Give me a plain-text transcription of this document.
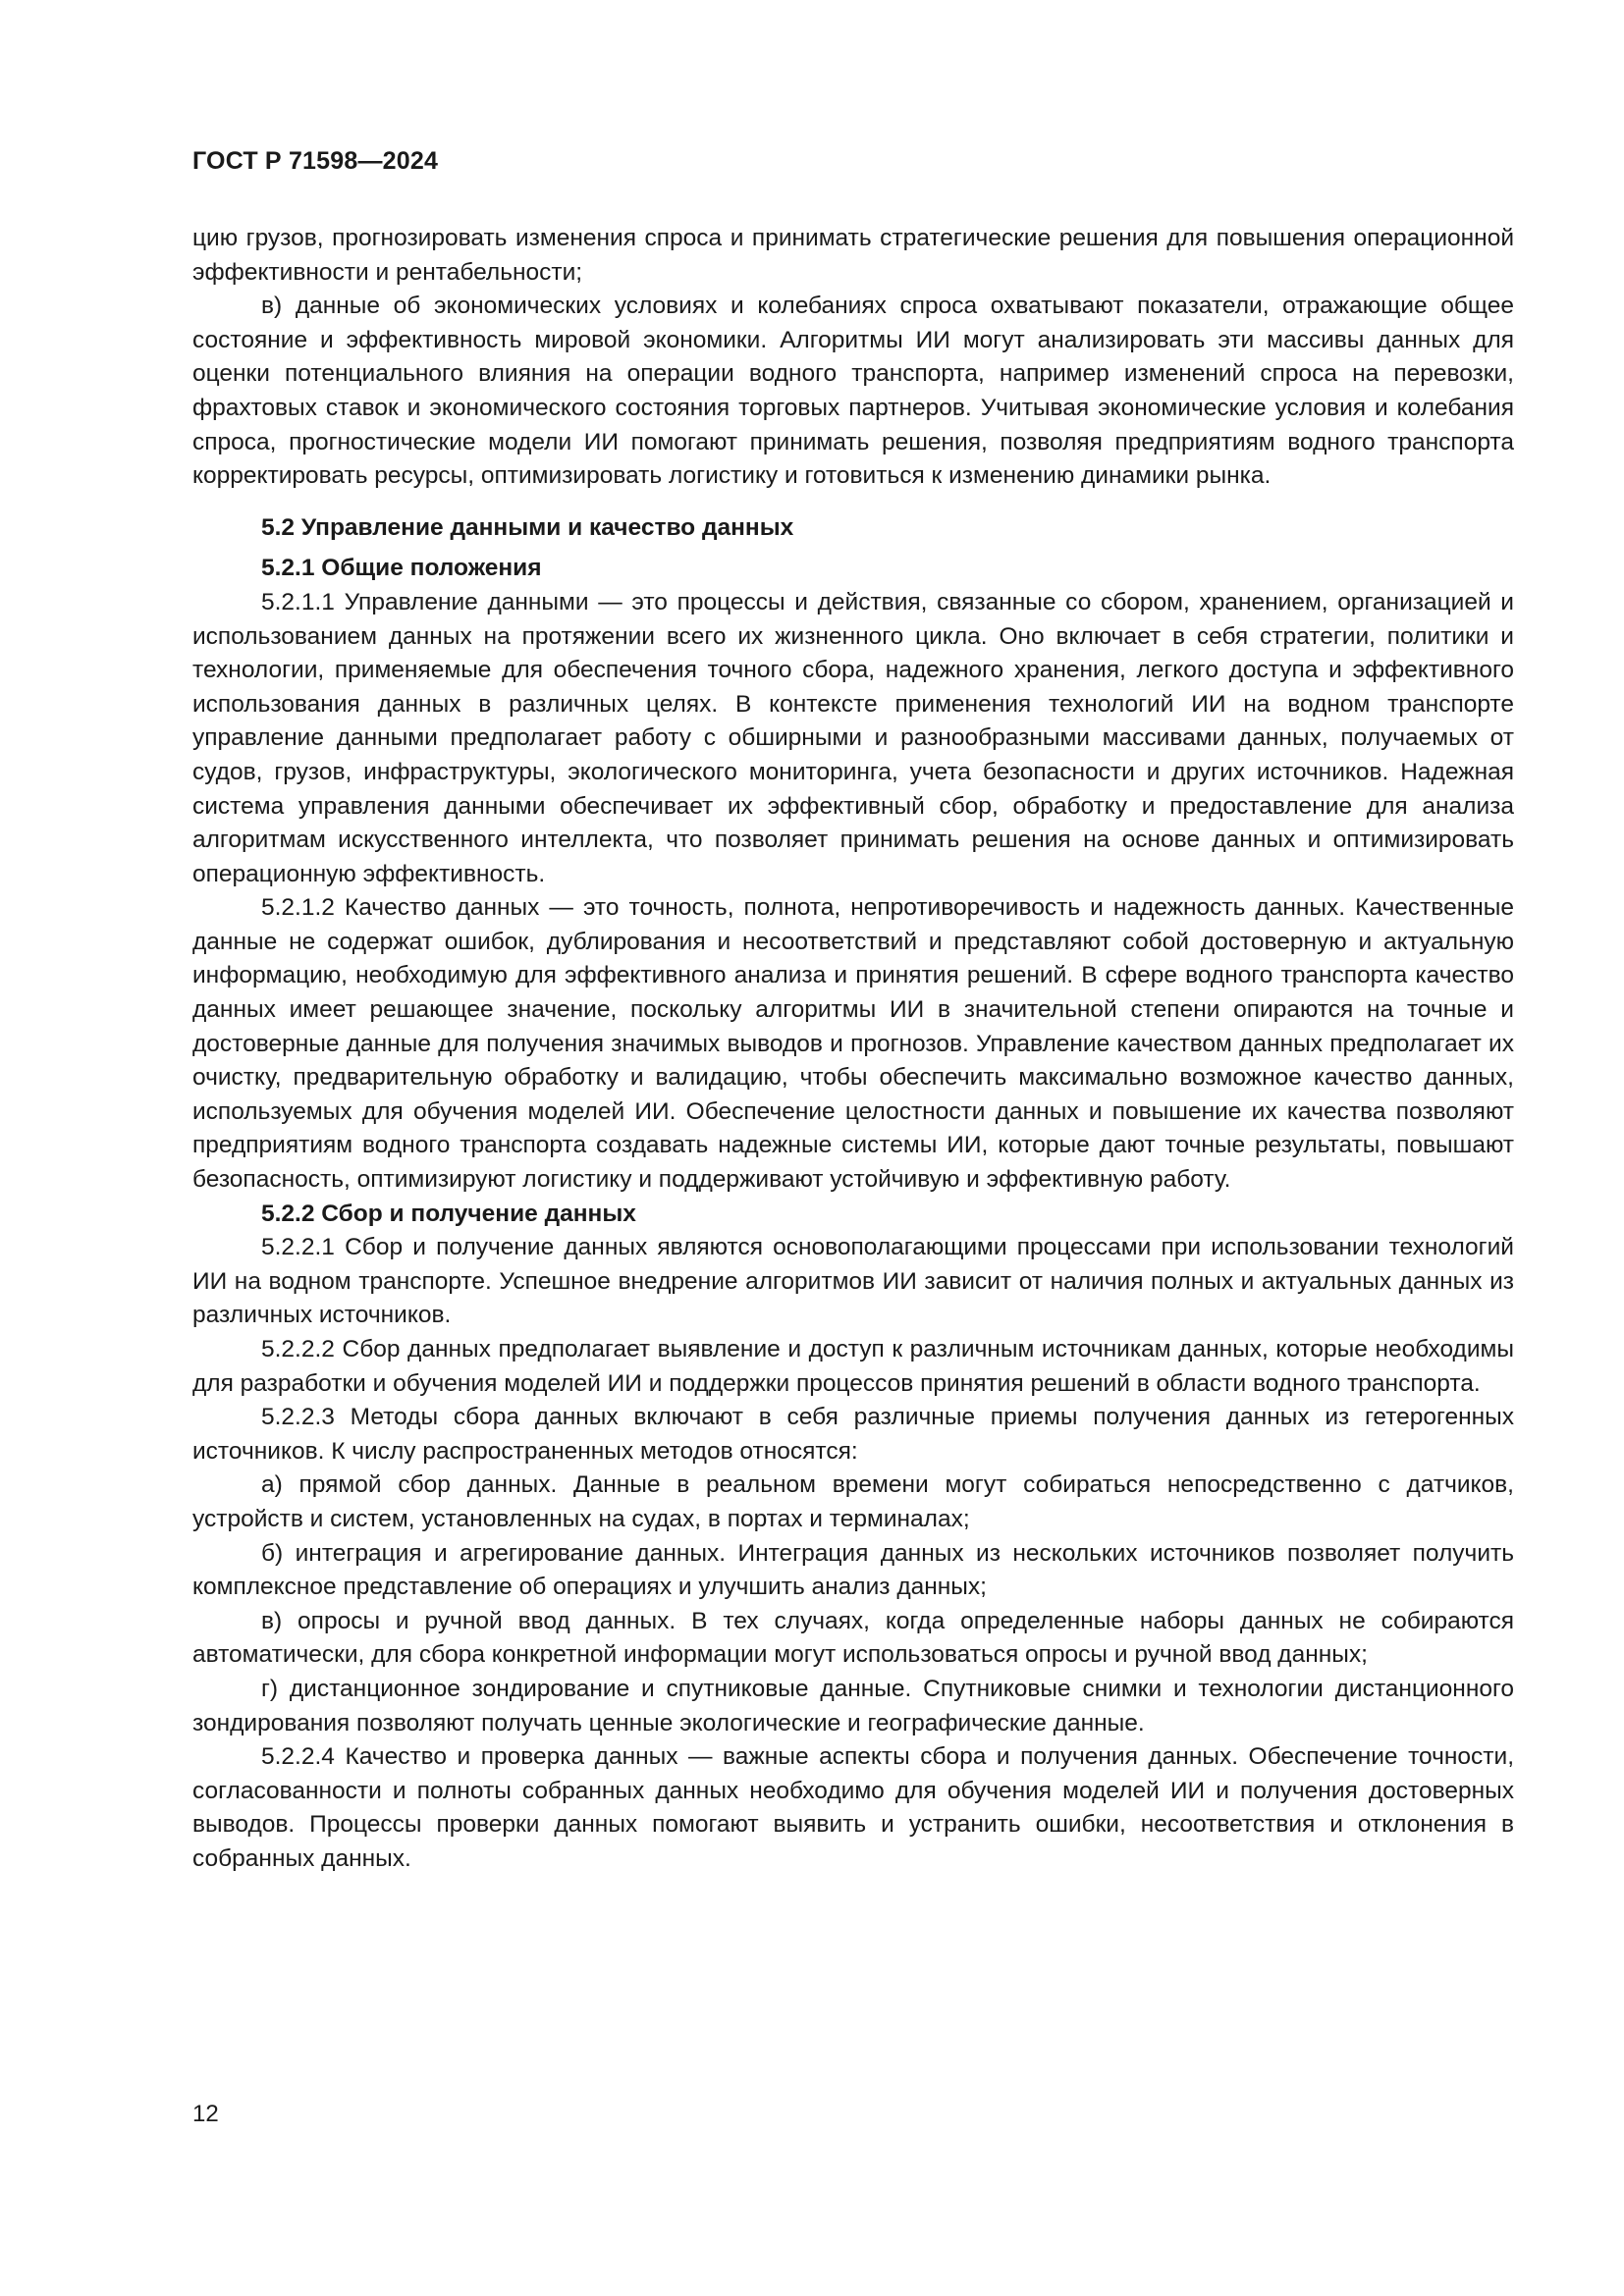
ГОСТ Р 71598—2024

цию грузов, прогнозировать изменения спроса и принимать стратегические решения для повышения операционной эффективности и рентабельности;

в) данные об экономических условиях и колебаниях спроса охватывают показатели, отражающие общее состояние и эффективность мировой экономики. Алгоритмы ИИ могут анализировать эти массивы данных для оценки потенциального влияния на операции водного транспорта, например изменений спроса на перевозки, фрахтовых ставок и экономического состояния торговых партнеров. Учитывая экономические условия и колебания спроса, прогностические модели ИИ помогают принимать решения, позволяя предприятиям водного транспорта корректировать ресурсы, оптимизировать логистику и готовиться к изменению динамики рынка.

5.2 Управление данными и качество данных

5.2.1 Общие положения

5.2.1.1 Управление данными — это процессы и действия, связанные со сбором, хранением, организацией и использованием данных на протяжении всего их жизненного цикла. Оно включает в себя стратегии, политики и технологии, применяемые для обеспечения точного сбора, надежного хранения, легкого доступа и эффективного использования данных в различных целях. В контексте применения технологий ИИ на водном транспорте управление данными предполагает работу с обширными и разнообразными массивами данных, получаемых от судов, грузов, инфраструктуры, экологического мониторинга, учета безопасности и других источников. Надежная система управления данными обеспечивает их эффективный сбор, обработку и предоставление для анализа алгоритмам искусственного интеллекта, что позволяет принимать решения на основе данных и оптимизировать операционную эффективность.

5.2.1.2 Качество данных — это точность, полнота, непротиворечивость и надежность данных. Качественные данные не содержат ошибок, дублирования и несоответствий и представляют собой достоверную и актуальную информацию, необходимую для эффективного анализа и принятия решений. В сфере водного транспорта качество данных имеет решающее значение, поскольку алгоритмы ИИ в значительной степени опираются на точные и достоверные данные для получения значимых выводов и прогнозов. Управление качеством данных предполагает их очистку, предварительную обработку и валидацию, чтобы обеспечить максимально возможное качество данных, используемых для обучения моделей ИИ. Обеспечение целостности данных и повышение их качества позволяют предприятиям водного транспорта создавать надежные системы ИИ, которые дают точные результаты, повышают безопасность, оптимизируют логистику и поддерживают устойчивую и эффективную работу.

5.2.2 Сбор и получение данных

5.2.2.1 Сбор и получение данных являются основополагающими процессами при использовании технологий ИИ на водном транспорте. Успешное внедрение алгоритмов ИИ зависит от наличия полных и актуальных данных из различных источников.

5.2.2.2 Сбор данных предполагает выявление и доступ к различным источникам данных, которые необходимы для разработки и обучения моделей ИИ и поддержки процессов принятия решений в области водного транспорта.

5.2.2.3 Методы сбора данных включают в себя различные приемы получения данных из гетерогенных источников. К числу распространенных методов относятся:

а) прямой сбор данных. Данные в реальном времени могут собираться непосредственно с датчиков, устройств и систем, установленных на судах, в портах и терминалах;

б) интеграция и агрегирование данных. Интеграция данных из нескольких источников позволяет получить комплексное представление об операциях и улучшить анализ данных;

в) опросы и ручной ввод данных. В тех случаях, когда определенные наборы данных не собираются автоматически, для сбора конкретной информации могут использоваться опросы и ручной ввод данных;

г) дистанционное зондирование и спутниковые данные. Спутниковые снимки и технологии дистанционного зондирования позволяют получать ценные экологические и географические данные.

5.2.2.4 Качество и проверка данных — важные аспекты сбора и получения данных. Обеспечение точности, согласованности и полноты собранных данных необходимо для обучения моделей ИИ и получения достоверных выводов. Процессы проверки данных помогают выявить и устранить ошибки, несоответствия и отклонения в собранных данных.

12
